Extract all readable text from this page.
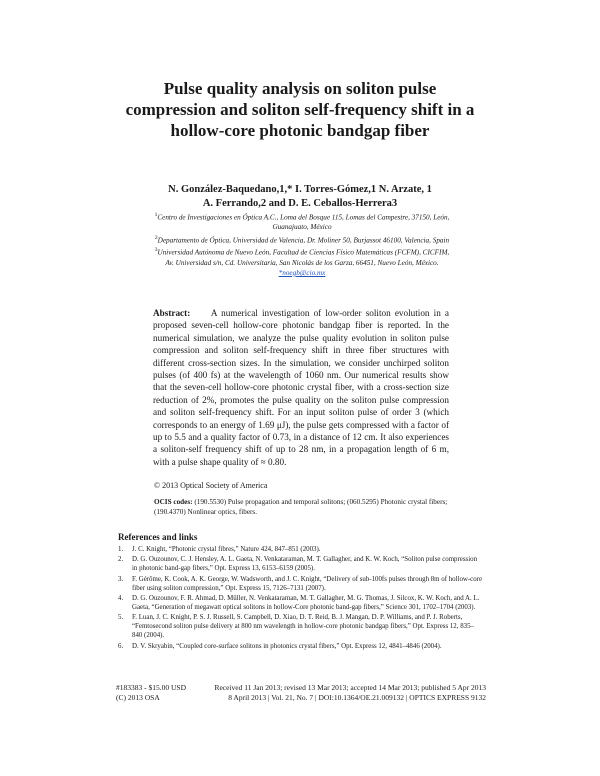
Pulse quality analysis on soliton pulse compression and soliton self-frequency shift in a hollow-core photonic bandgap fiber
N. González-Baquedano,1,* I. Torres-Gómez,1 N. Arzate, 1
A. Ferrando,2 and D. E. Ceballos-Herrera3
$^1$Centro de Investigaciones en Óptica A.C., Loma del Bosque 115, Lomas del Campestre, 37150, León, Guanajuato, México
$^2$Departamento de Óptica, Universidad de Valencia, Dr. Moliner 50, Burjassot 46100, Valencia, Spain
$^3$Universidad Autónoma de Nuevo León, Facultad de Ciencias Físico Matemáticas (FCFM), CICFIM, Av. Universidad s/n, Cd. Universitaria, San Nicolás de los Garza, 66451, Nuevo León, México.
*noegb@cio.mx
Abstract: A numerical investigation of low-order soliton evolution in a proposed seven-cell hollow-core photonic bandgap fiber is reported. In the numerical simulation, we analyze the pulse quality evolution in soliton pulse compression and soliton self-frequency shift in three fiber structures with different cross-section sizes. In the simulation, we consider unchirped soliton pulses (of 400 fs) at the wavelength of 1060 nm. Our numerical results show that the seven-cell hollow-core photonic crystal fiber, with a cross-section size reduction of 2%, promotes the pulse quality on the soliton pulse compression and soliton self-frequency shift. For an input soliton pulse of order 3 (which corresponds to an energy of 1.69 μJ), the pulse gets compressed with a factor of up to 5.5 and a quality factor of 0.73, in a distance of 12 cm. It also experiences a soliton-self frequency shift of up to 28 nm, in a propagation length of 6 m, with a pulse shape quality of ≈ 0.80.
© 2013 Optical Society of America
OCIS codes: (190.5530) Pulse propagation and temporal solitons; (060.5295) Photonic crystal fibers; (190.4370) Nonlinear optics, fibers.
References and links
1. J. C. Knight, “Photonic crystal fibres,” Nature 424, 847–851 (2003).
2. D. G. Ouzounov, C. J. Hensley, A. L. Gaeta, N. Venkataraman, M. T. Gallagher, and K. W. Koch, “Soliton pulse compression in photonic band-gap fibers,” Opt. Express 13, 6153–6159 (2005).
3. F. Gérôme, K. Cook, A. K. George, W. Wadsworth, and J. C. Knight, “Delivery of sub-100fs pulses through 8m of hollow-core fiber using soliton compression,” Opt. Express 15, 7126–7131 (2007).
4. D. G. Ouzounov, F. R. Ahmad, D. Müller, N. Venkataraman, M. T. Gallagher, M. G. Thomas, J. Silcox, K. W. Koch, and A. L. Gaeta, “Generation of megawatt optical solitons in hollow-Core photonic band-gap fibers,” Science 301, 1702–1704 (2003).
5. F. Luan, J. C. Knight, P. S. J. Russell, S. Campbell, D. Xiao, D. T. Reid, B. J. Mangan, D. P. Williams, and P. J. Roberts, “Femtosecond soliton pulse delivery at 800 nm wavelength in hollow-core photonic bandgap fibers,” Opt. Express 12, 835–840 (2004).
6. D. V. Skryabin, “Coupled core-surface solitons in photonics crystal fibers,” Opt. Express 12, 4841–4846 (2004).
#183383 - $15.00 USD	Received 11 Jan 2013; revised 13 Mar 2013; accepted 14 Mar 2013; published 5 Apr 2013
(C) 2013 OSA	8 April 2013 | Vol. 21, No. 7 | DOI:10.1364/OE.21.009132 | OPTICS EXPRESS 9132
